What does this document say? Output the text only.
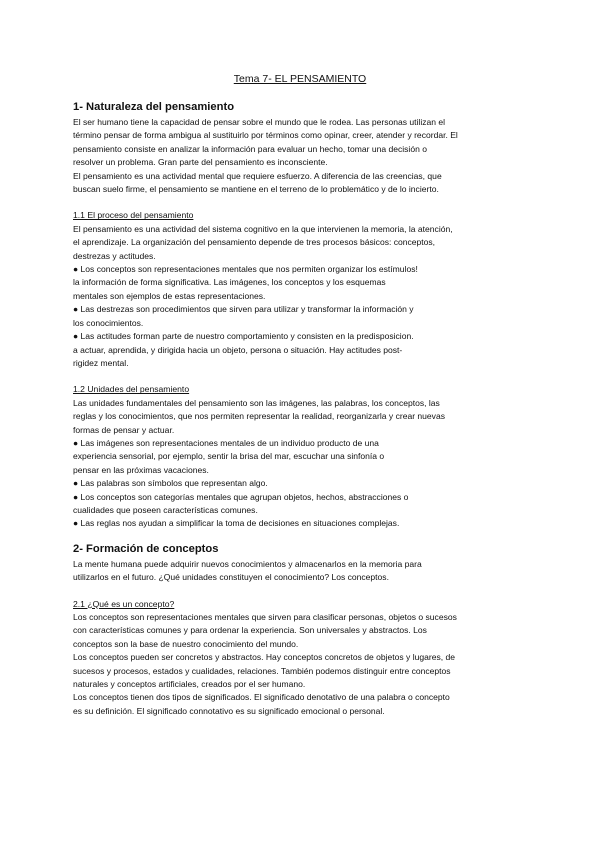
Tema 7- EL PENSAMIENTO
1- Naturaleza del pensamiento
El ser humano tiene la capacidad de pensar sobre el mundo que le rodea. Las personas utilizan el
término pensar de forma ambigua al sustituirlo por términos como opinar, creer, atender y recordar. El
pensamiento consiste en analizar la información para evaluar un hecho, tomar una decisión o
resolver un problema. Gran parte del pensamiento es inconsciente.
El pensamiento es una actividad mental que requiere esfuerzo. A diferencia de las creencias, que
buscan suelo firme, el pensamiento se mantiene en el terreno de lo problemático y de lo incierto.
1.1 El proceso del pensamiento
El pensamiento es una actividad del sistema cognitivo en la que intervienen la memoria, la atención,
el aprendizaje. La organización del pensamiento depende de tres procesos básicos: conceptos,
destrezas y actitudes.
● Los conceptos son representaciones mentales que nos permiten organizar los estímulos!
la información de forma significativa. Las imágenes, los conceptos y los esquemas
mentales son ejemplos de estas representaciones.
● Las destrezas son procedimientos que sirven para utilizar y transformar la información y
los conocimientos.
● Las actitudes forman parte de nuestro comportamiento y consisten en la predisposicion.
a actuar, aprendida, y dirigida hacia un objeto, persona o situación. Hay actitudes post-
rigidez mental.
1.2 Unidades del pensamiento
Las unidades fundamentales del pensamiento son las imágenes, las palabras, los conceptos, las
reglas y los conocimientos, que nos permiten representar la realidad, reorganizarla y crear nuevas
formas de pensar y actuar.
● Las imágenes son representaciones mentales de un individuo producto de una
experiencia sensorial, por ejemplo, sentir la brisa del mar, escuchar una sinfonía o
pensar en las próximas vacaciones.
● Las palabras son símbolos que representan algo.
● Los conceptos son categorías mentales que agrupan objetos, hechos, abstracciones o
cualidades que poseen características comunes.
● Las reglas nos ayudan a simplificar la toma de decisiones en situaciones complejas.
2- Formación de conceptos
La mente humana puede adquirir nuevos conocimientos y almacenarlos en la memoria para
utilizarlos en el futuro. ¿Qué unidades constituyen el conocimiento? Los conceptos.
2.1 ¿Qué es un concepto?
Los conceptos son representaciones mentales que sirven para clasificar personas, objetos o sucesos
con características comunes y para ordenar la experiencia. Son universales y abstractos. Los
conceptos son la base de nuestro conocimiento del mundo.
Los conceptos pueden ser concretos y abstractos. Hay conceptos concretos de objetos y lugares, de
sucesos y procesos, estados y cualidades, relaciones. También podemos distinguir entre conceptos
naturales y conceptos artificiales, creados por el ser humano.
Los conceptos tienen dos tipos de significados. El significado denotativo de una palabra o concepto
es su definición. El significado connotativo es su significado emocional o personal.
